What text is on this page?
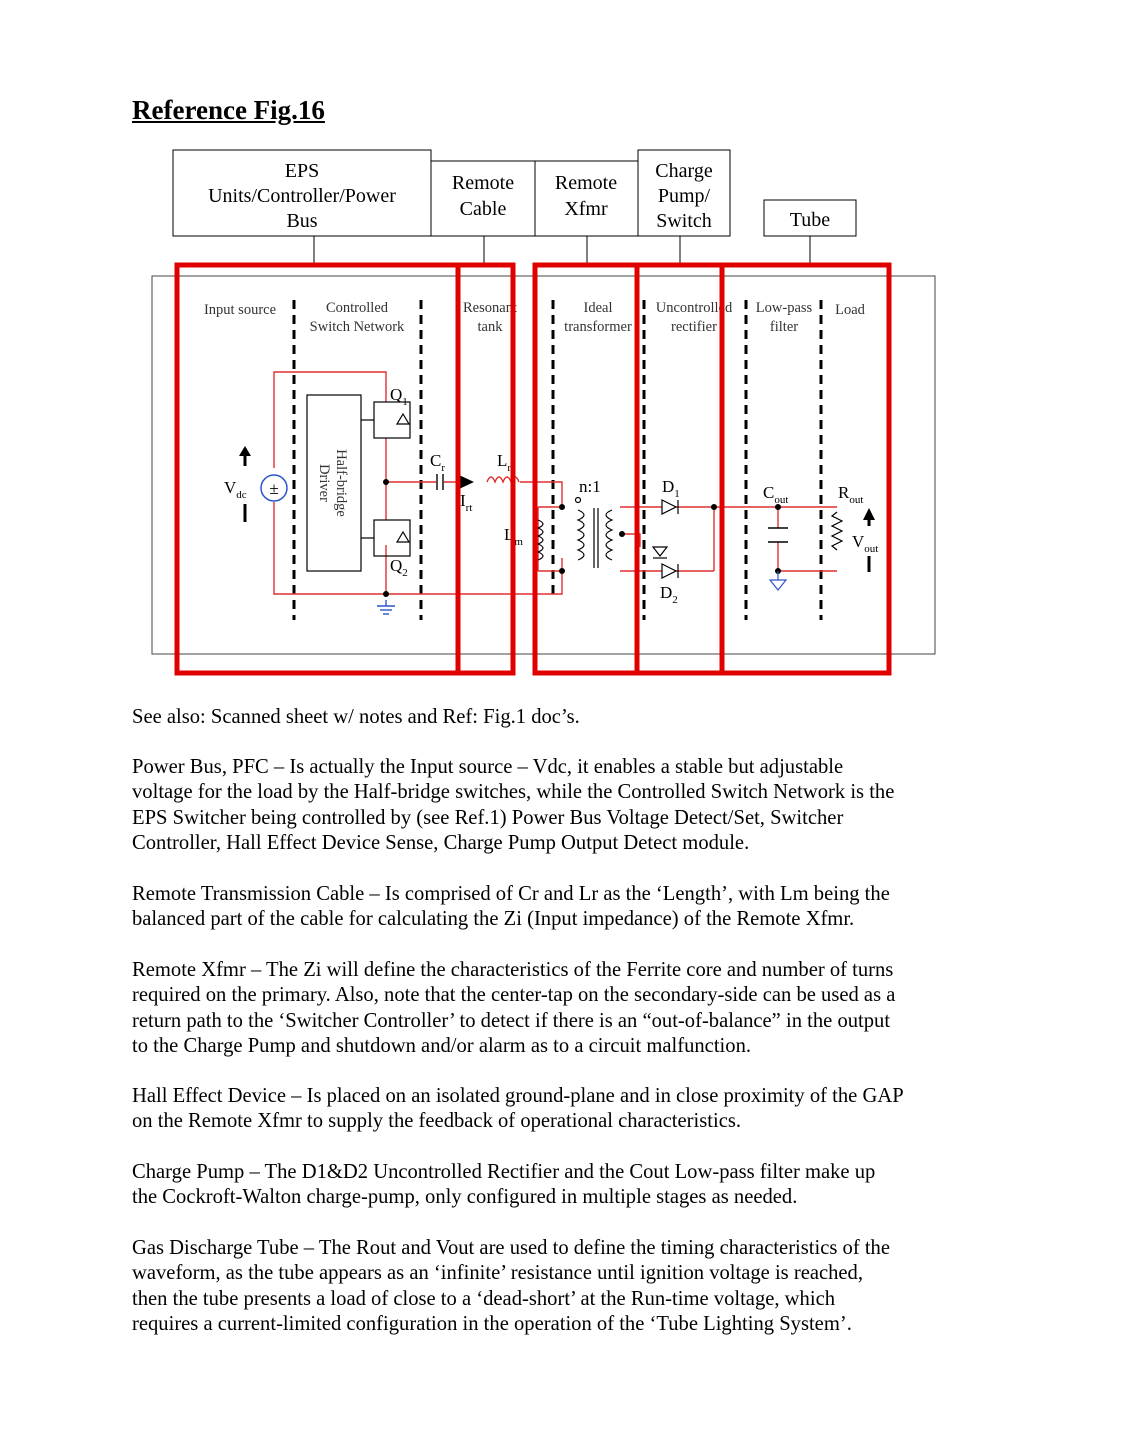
Reference Fig.16
EPS
Units/Controller/Power
Bus
Remote
Cable
Remote
Xfmr
Charge
Pump/
Switch	Tube
Input source	Controlled
Switch Network
Resonant
tank
Ideal
transformer
Uncontrolled
rectifier
Low-pass
filter
Load
±
$V_{dc}$	Half-bridge
Driver
$Q_1$
$Q_2$
$C_r$
$I_{rt}$
$L_r$
$L_m$
n:1	$D_1$
$D_2$
$C_{out}$	$R_{out}$
$V_{out}$

See also: Scanned sheet w/ notes and Ref: Fig.1 doc’s.

Power Bus, PFC – Is actually the Input source – Vdc, it enables a stable but adjustable
voltage for the load by the Half-bridge switches, while the Controlled Switch Network is the
EPS Switcher being controlled by (see Ref.1) Power Bus Voltage Detect/Set, Switcher
Controller, Hall Effect Device Sense, Charge Pump Output Detect module.

Remote Transmission Cable – Is comprised of Cr and Lr as the ‘Length’, with Lm being the
balanced part of the cable for calculating the Zi (Input impedance) of the Remote Xfmr.

Remote Xfmr – The Zi will define the characteristics of the Ferrite core and number of turns
required on the primary. Also, note that the center-tap on the secondary-side can be used as a
return path to the ‘Switcher Controller’ to detect if there is an “out-of-balance” in the output
to the Charge Pump and shutdown and/or alarm as to a circuit malfunction.

Hall Effect Device – Is placed on an isolated ground-plane and in close proximity of the GAP
on the Remote Xfmr to supply the feedback of operational characteristics.

Charge Pump – The D1&D2 Uncontrolled Rectifier and the Cout Low-pass filter make up
the Cockroft-Walton charge-pump, only configured in multiple stages as needed.

Gas Discharge Tube – The Rout and Vout are used to define the timing characteristics of the
waveform, as the tube appears as an ‘infinite’ resistance until ignition voltage is reached,
then the tube presents a load of close to a ‘dead-short’ at the Run-time voltage, which
requires a current-limited configuration in the operation of the ‘Tube Lighting System’.
